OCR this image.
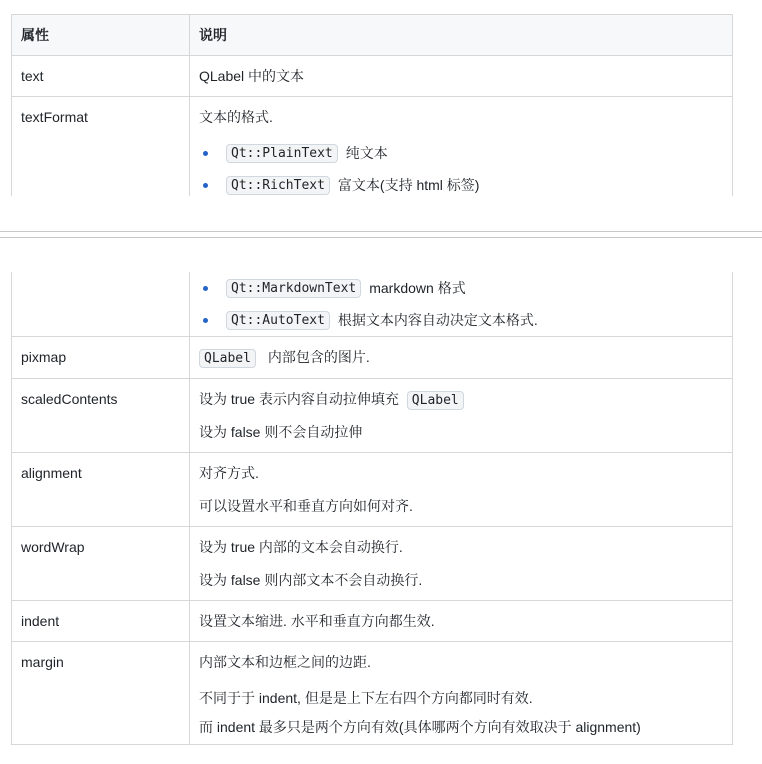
属性	说明
text	QLabel 中的文本
textFormat	文本的格式.
Qt::PlainText 纯文本
Qt::RichText 富文本(支持 html 标签)
Qt::MarkdownText markdown 格式
Qt::AutoText 根据文本内容自动决定文本格式.
pixmap	QLabel 内部包含的图片.
scaledContents	设为 true 表示内容自动拉伸填充 QLabel
设为 false 则不会自动拉伸
alignment	对齐方式.
可以设置水平和垂直方向如何对齐.
wordWrap	设为 true 内部的文本会自动换行.
设为 false 则内部文本不会自动换行.
indent	设置文本缩进. 水平和垂直方向都生效.
margin	内部文本和边框之间的边距.
不同于于 indent, 但是是上下左右四个方向都同时有效.
而 indent 最多只是两个方向有效(具体哪两个方向有效取决于 alignment)
